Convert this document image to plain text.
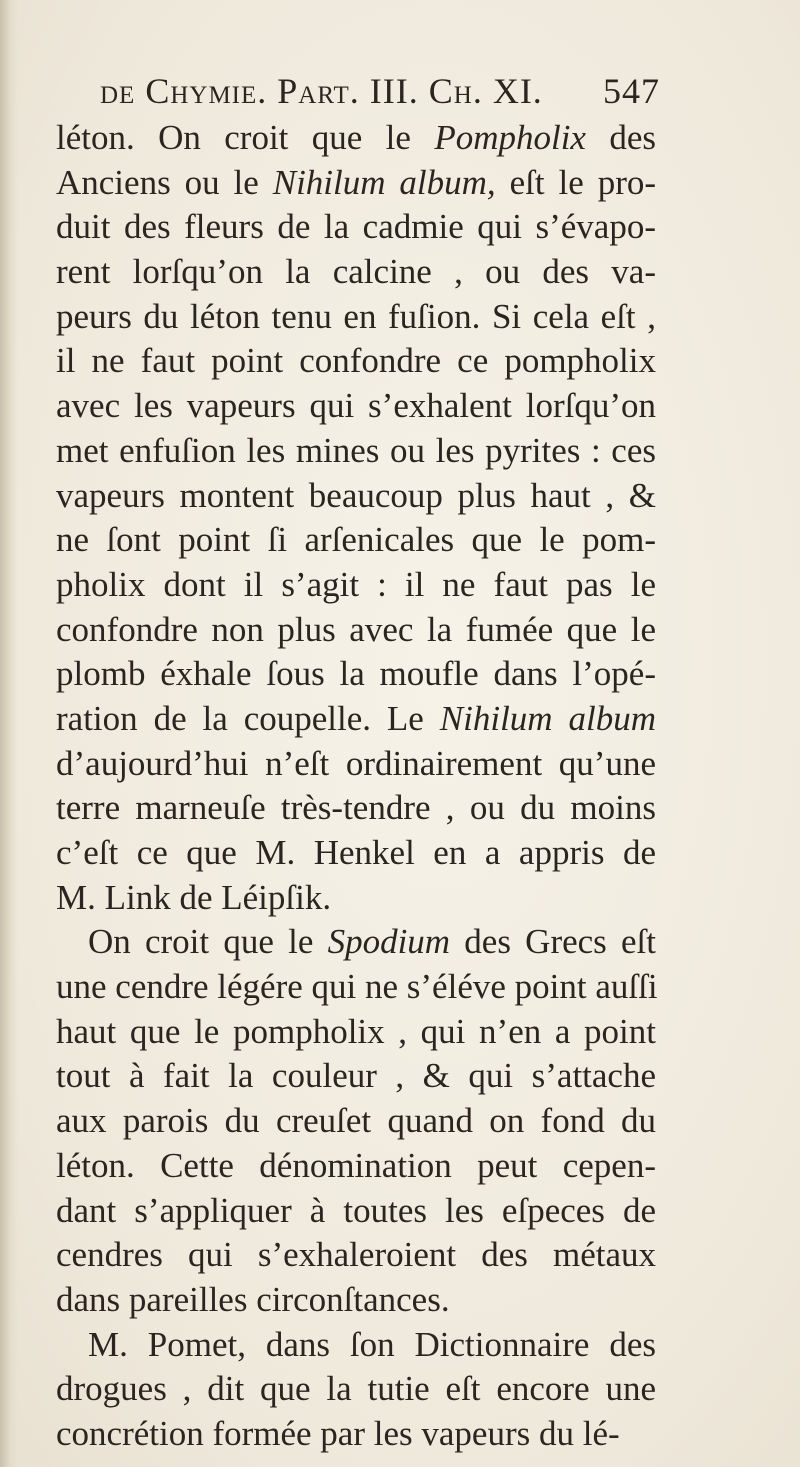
de Chymie. Part. III. Ch. XI. 547
léton. On croit que le Pompholix des
Anciens ou le Nihilum album, eſt le pro-
duit des fleurs de la cadmie qui s’évapo-
rent lorſqu’on la calcine , ou des va-
peurs du léton tenu en fuſion. Si cela eſt ,
il ne faut point confondre ce pompholix
avec les vapeurs qui s’exhalent lorſqu’on
met enfuſion les mines ou les pyrites : ces
vapeurs montent beaucoup plus haut , &
ne ſont point ſi arſenicales que le pom-
pholix dont il s’agit : il ne faut pas le
confondre non plus avec la fumée que le
plomb éxhale ſous la moufle dans l’opé-
ration de la coupelle. Le Nihilum album
d’aujourd’hui n’eſt ordinairement qu’une
terre marneuſe très-tendre , ou du moins
c’eſt ce que M. Henkel en a appris de
M. Link de Léipſik.
On croit que le Spodium des Grecs eſt
une cendre légére qui ne s’éléve point auſſi
haut que le pompholix , qui n’en a point
tout à fait la couleur , & qui s’attache
aux parois du creuſet quand on fond du
léton. Cette dénomination peut cepen-
dant s’appliquer à toutes les eſpeces de
cendres qui s’exhaleroient des métaux
dans pareilles circonſtances.
M. Pomet, dans ſon Dictionnaire des
drogues , dit que la tutie eſt encore une
concrétion formée par les vapeurs du lé-
